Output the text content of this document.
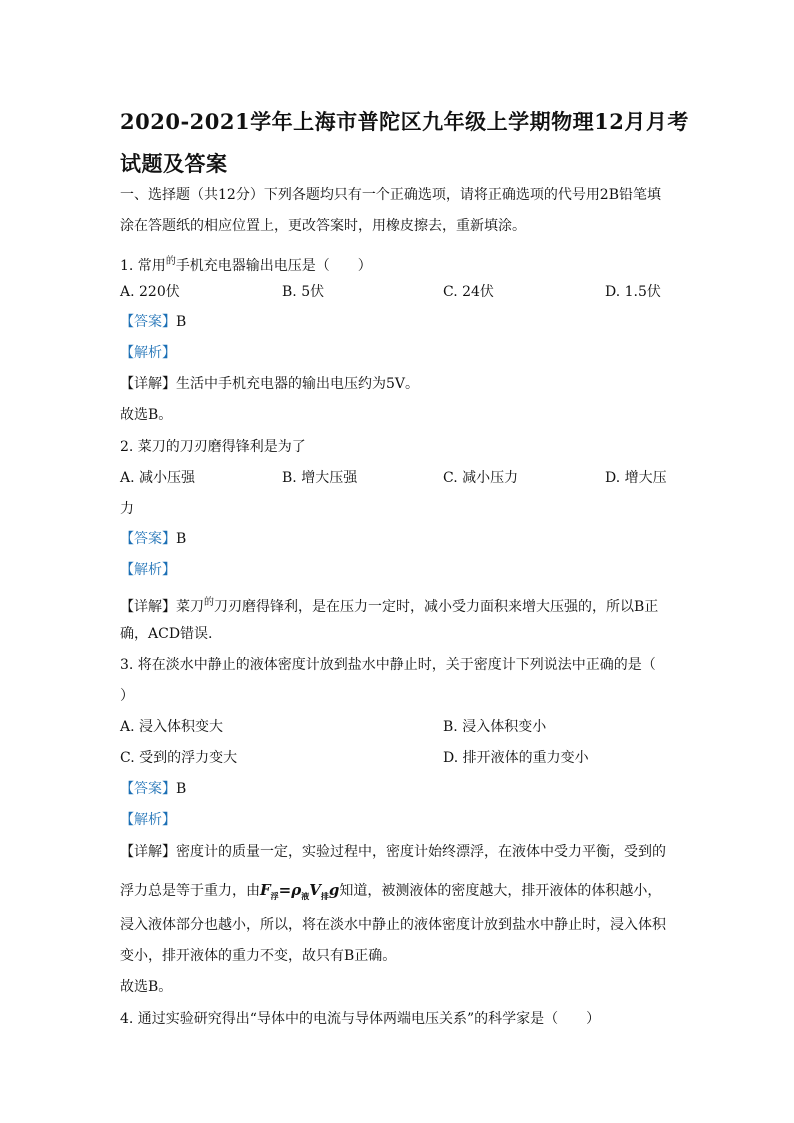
2020-2021学年上海市普陀区九年级上学期物理12月月考
试题及答案
一、选择题（共12分）下列各题均只有一个正确选项，请将正确选项的代号用2B铅笔填
涂在答题纸的相应位置上，更改答案时，用橡皮擦去，重新填涂。
1. 常用$^的$手机充电器输出电压是（　　）
A. 220伏	B. 5伏	C. 24伏	D. 1.5伏
【答案】B
【解析】
【详解】生活中手机充电器的输出电压约为5V。
故选B。
2. 菜刀的刀刃磨得锋利是为了
A. 减小压强	B. 增大压强	C. 减小压力	D. 增大压
力
【答案】B
【解析】
【详解】菜刀$^的$刀刃磨得锋利，是在压力一定时，减小受力面积来增大压强的，所以B正
确，ACD错误.
3. 将在淡水中静止的液体密度计放到盐水中静止时，关于密度计下列说法中正确的是（
）
A. 浸入体积变大	B. 浸入体积变小
C. 受到的浮力变大	D. 排开液体的重力变小
【答案】B
【解析】
【详解】密度计的质量一定，实验过程中，密度计始终漂浮，在液体中受力平衡，受到的
浮力总是等于重力，由$F_浮=\rho_液V_排g$知道，被测液体的密度越大，排开液体的体积越小，
浸入液体部分也越小，所以，将在淡水中静止的液体密度计放到盐水中静止时，浸入体积
变小，排开液体的重力不变，故只有B正确。
故选B。
4. 通过实验研究得出“导体中的电流与导体两端电压关系”的科学家是（　　）
